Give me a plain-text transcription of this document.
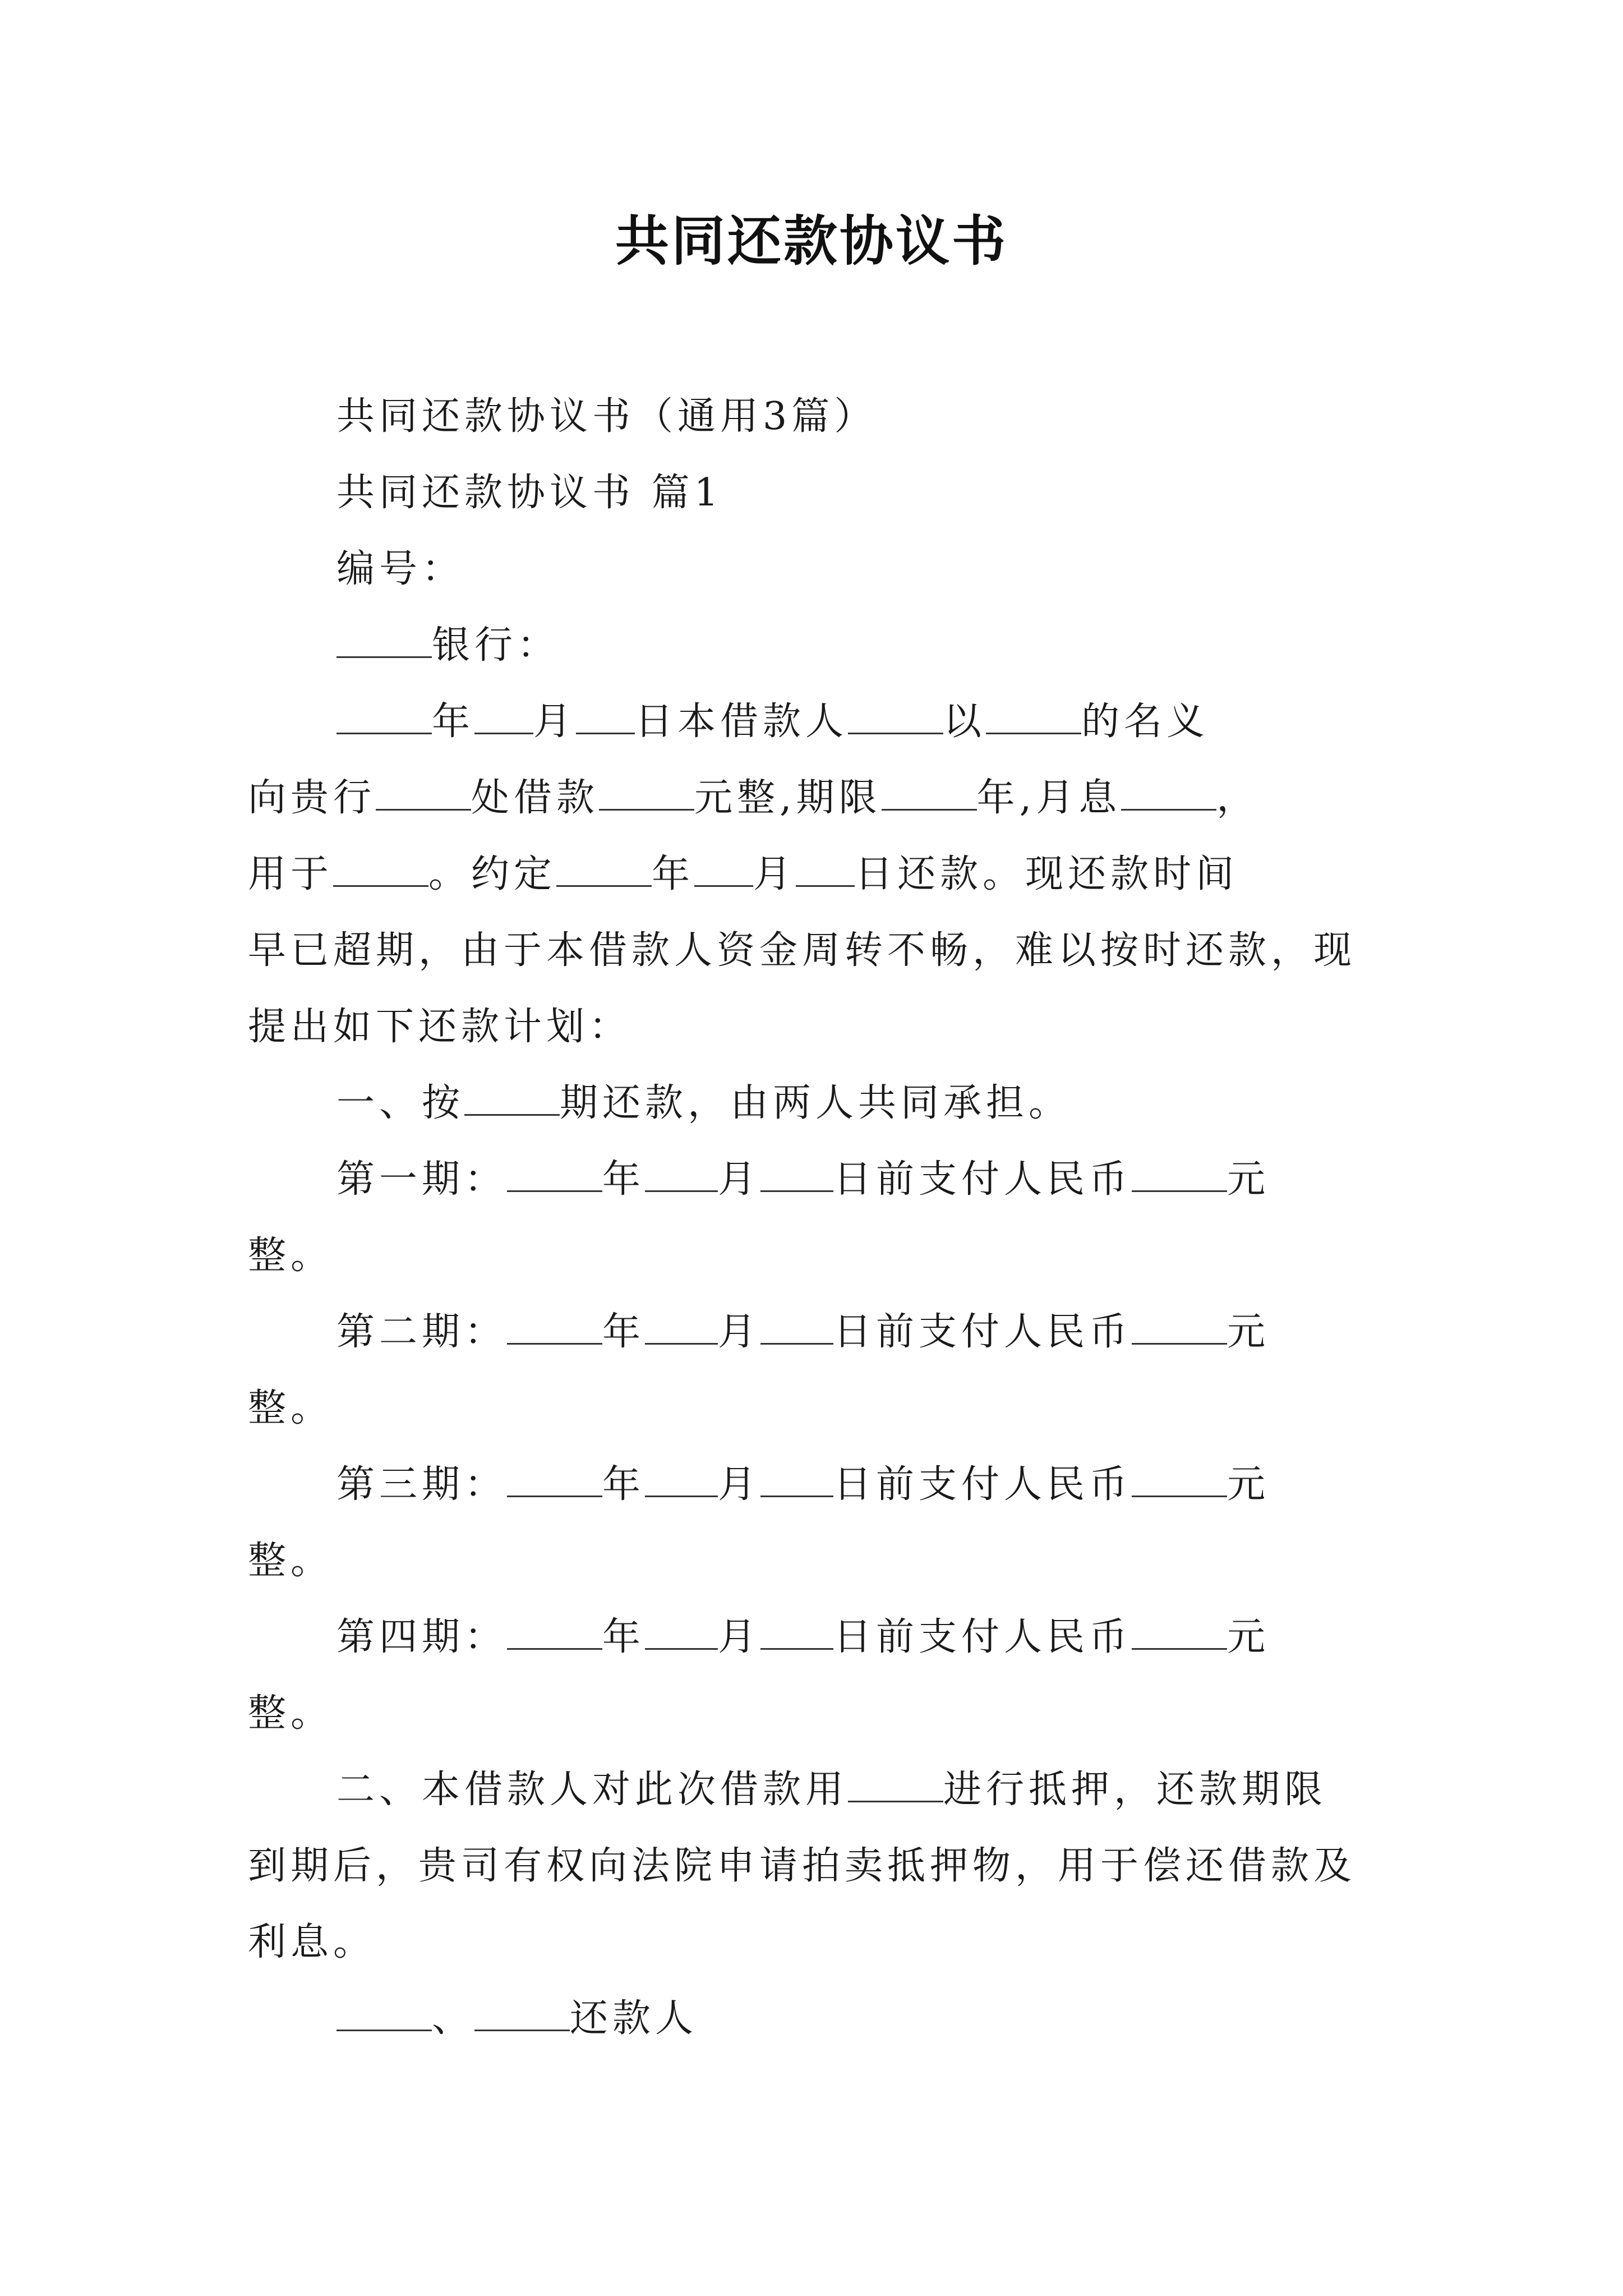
共同还款协议书
共同还款协议书（通用3篇）
共同还款协议书 篇1
编号：
银行：
年 月 日本借款人	以	的名义
向贵行	处借款	元整,期限	年,月息	，
用于	。约定	年 月 日还款。现还款时间
早已超期，由于本借款人资金周转不畅，难以按时还款，现
提出如下还款计划：
一、按	期还款，由两人共同承担。
第一期：	年 月 日前支付人民币	元
整。
第二期：	年 月 日前支付人民币	元
整。
第三期：	年 月 日前支付人民币	元
整。
第四期：	年 月 日前支付人民币	元
整。
二、本借款人对此次借款用	进行抵押，还款期限
到期后，贵司有权向法院申请拍卖抵押物，用于偿还借款及
利息。
、	还款人
